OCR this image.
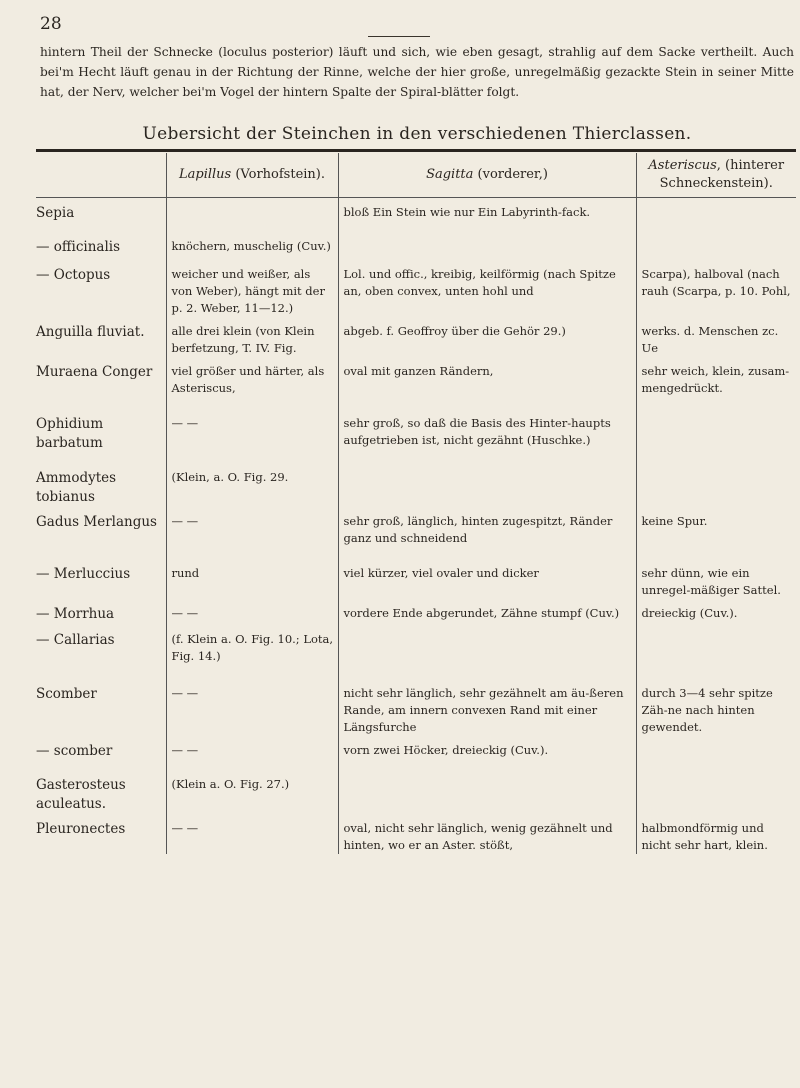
28
hintern Theil der Schnecke (loculus posterior) läuft und sich, wie eben gesagt, strahlig auf dem Sacke vertheilt. Auch bei'm Hecht läuft genau in der Richtung der Rinne, welche der hier große, unregelmäßig gezackte Stein in seiner Mitte hat, der Nerv, welcher bei'm Vogel der hintern Spalte der Spiral-blätter folgt.
Uebersicht der Steinchen in den verschiedenen Thierclassen.
	Lapillus (Vorhofstein).	Sagitta (vorderer,)	Asteriscus, (hinterer Schneckenstein).

Sepia		bloß Ein Stein wie nur Ein Labyrinth-fack.	

— officinalis	knöchern, muschelig (Cuv.)		

— Octopus	weicher und weißer, als von Weber), hängt mit der p. 2. Weber, 11—12.)	Lol. und offic., kreibig, keilförmig (nach Spitze an, oben convex, unten hohl und	Scarpa), halboval (nach rauh (Scarpa, p. 10. Pohl,

Anguilla fluviat.	alle drei klein (von Klein berfetzung, T. IV. Fig.	abgeb. f. Geoffroy über die Gehör 29.)	werks. d. Menschen zc. Ue

Muraena Conger	viel größer und härter, als Asteriscus,	oval mit ganzen Rändern,	sehr weich, klein, zusam-mengedrückt.

Ophidium barbatum	— —	sehr groß, so daß die Basis des Hinter-haupts aufgetrieben ist, nicht gezähnt (Huschke.)	

Ammodytes tobianus	(Klein, a. O. Fig. 29.		

Gadus Merlangus	— —	sehr groß, länglich, hinten zugespitzt, Ränder ganz und schneidend	keine Spur.

— Merluccius	rund	viel kürzer, viel ovaler und dicker	sehr dünn, wie ein unregel-mäßiger Sattel.

— Morrhua	— —	vordere Ende abgerundet, Zähne stumpf (Cuv.)	dreieckig (Cuv.).

— Callarias	(f. Klein a. O. Fig. 10.; Lota, Fig. 14.)		

Scomber	— —	nicht sehr länglich, sehr gezähnelt am äu-ßeren Rande, am innern convexen Rand mit einer Längsfurche	durch 3—4 sehr spitze Zäh-ne nach hinten gewendet.

— scomber	— —	vorn zwei Höcker, dreieckig (Cuv.).	

Gasterosteus aculeatus.	(Klein a. O. Fig. 27.)		

Pleuronectes	— —	oval, nicht sehr länglich, wenig gezähnelt und hinten, wo er an Aster. stößt,	halbmondförmig und nicht sehr hart, klein.
